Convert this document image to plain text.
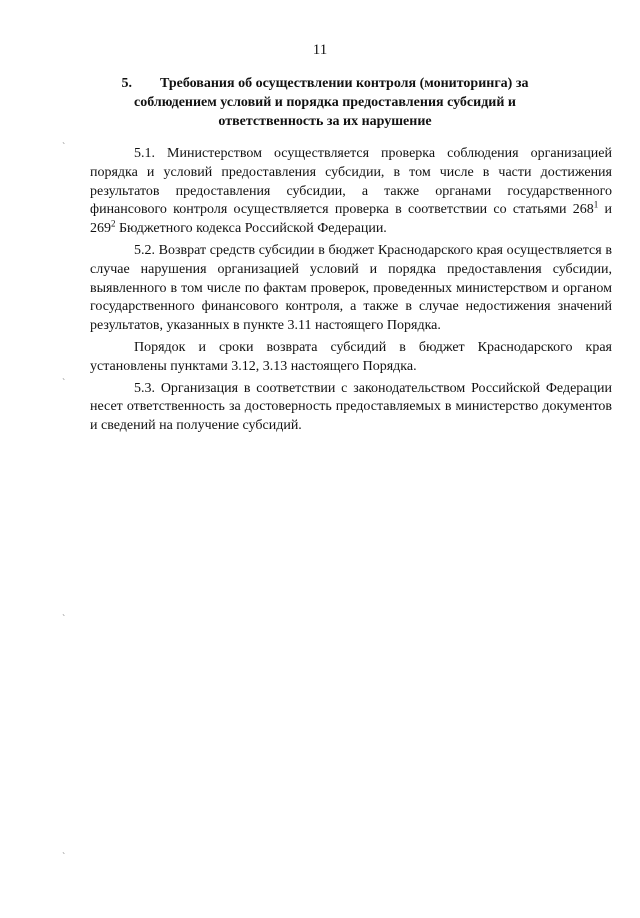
11
5. Требования об осуществлении контроля (мониторинга) за соблюдением условий и порядка предоставления субсидий и ответственность за их нарушение

5.1. Министерством осуществляется проверка соблюдения организацией порядка и условий предоставления субсидии, в том числе в части достижения результатов предоставления субсидии, а также органами государственного финансового контроля осуществляется проверка в соответствии со статьями $268^1$ и $269^2$ Бюджетного кодекса Российской Федерации.

5.2. Возврат средств субсидии в бюджет Краснодарского края осуществляется в случае нарушения организацией условий и порядка предоставления субсидии, выявленного в том числе по фактам проверок, проведенных министерством и органом государственного финансового контроля, а также в случае недостижения значений результатов, указанных в пункте 3.11 настоящего Порядка.

Порядок и сроки возврата субсидий в бюджет Краснодарского края установлены пунктами 3.12, 3.13 настоящего Порядка.

5.3. Организация в соответствии с законодательством Российской Федерации несет ответственность за достоверность предоставляемых в министерство документов и сведений на получение субсидий.

`
`
`
`
